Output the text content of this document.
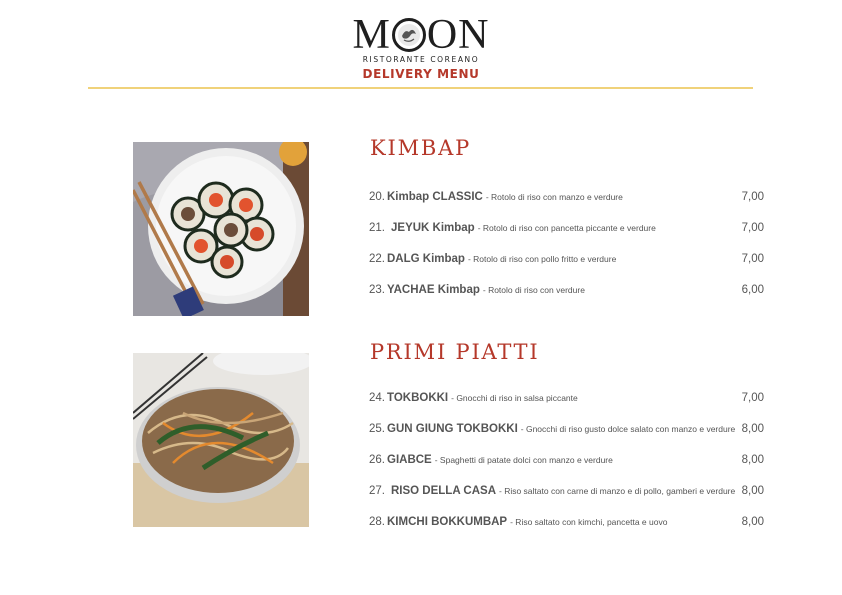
M ON
RISTORANTE COREANO
DELIVERY MENU
KIMBAP
20. Kimbap CLASSIC - Rotolo di riso con manzo e verdure	7,00
21. JEYUK Kimbap - Rotolo di riso con pancetta piccante e verdure	7,00
22. DALG Kimbap - Rotolo di riso con pollo fritto e verdure	7,00
23. YACHAE Kimbap - Rotolo di riso con verdure	6,00
PRIMI PIATTI
24. TOKBOKKI - Gnocchi di riso in salsa piccante	7,00
25. GUN GIUNG TOKBOKKI - Gnocchi di riso gusto dolce salato con manzo e verdure 8,00
26. GIABCE - Spaghetti di patate dolci con manzo e verdure	8,00
27. RISO DELLA CASA - Riso saltato con carne di manzo e di pollo, gamberi e verdure 8,00
28. KIMCHI BOKKUMBAP - Riso saltato con kimchi, pancetta e uovo	8,00
